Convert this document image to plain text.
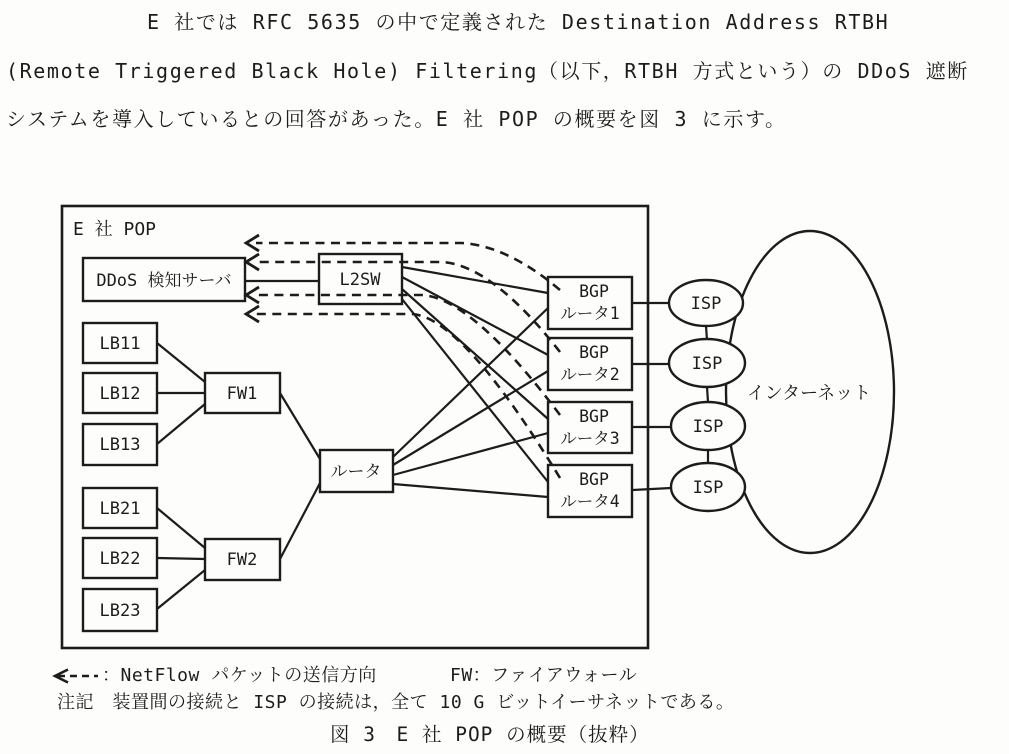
E 社では RFC 5635 の中で定義された Destination Address RTBH
(Remote Triggered Black Hole) Filtering（以下，RTBH 方式という）の DDoS 遮断
システムを導入しているとの回答があった。E 社 POP の概要を図 3 に示す。
ISP
ISP
ISP
ISP
インターネット
E 社 POP
DDoS 検知サーバ	L2SW
LB11
LB12
LB13
LB21
LB22
LB23
FW1
FW2
ルータ
BGP
ルータ1
BGP
ルータ2
BGP
ルータ3
BGP
ルータ4
：NetFlow パケットの送信方向	FW：ファイアウォール
注記　装置間の接続と ISP の接続は，全て 10 G ビットイーサネットである。
図 3　E 社 POP の概要（抜粋）
